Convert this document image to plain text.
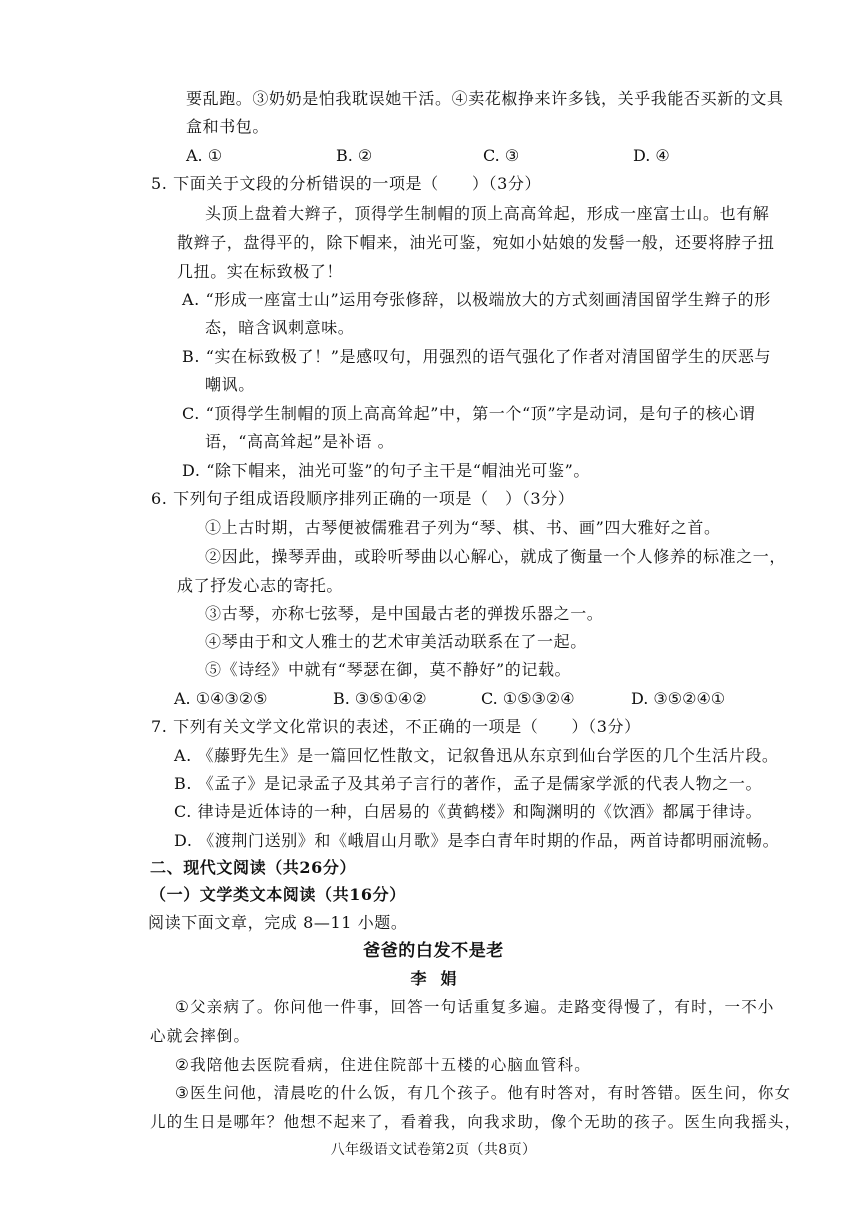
要乱跑。③奶奶是怕我耽误她干活。④卖花椒挣来许多钱，关乎我能否买新的文具
盒和书包。
A. ①	B. ②	C. ③	D. ④
5. 下面关于文段的分析错误的一项是（　　）（3分）
头顶上盘着大辫子，顶得学生制帽的顶上高高耸起，形成一座富士山。也有解
散辫子，盘得平的，除下帽来，油光可鉴，宛如小姑娘的发髻一般，还要将脖子扭
几扭。实在标致极了！
A. “形成一座富士山”运用夸张修辞，以极端放大的方式刻画清国留学生辫子的形
态，暗含讽刺意味。
B. “实在标致极了！”是感叹句，用强烈的语气强化了作者对清国留学生的厌恶与
嘲讽。
C. “顶得学生制帽的顶上高高耸起”中，第一个“顶”字是动词，是句子的核心谓
语，“高高耸起”是补语 。
D. “除下帽来，油光可鉴”的句子主干是“帽油光可鉴”。
6. 下列句子组成语段顺序排列正确的一项是（　）（3分）
①上古时期，古琴便被儒雅君子列为“琴、棋、书、画”四大雅好之首。
②因此，操琴弄曲，或聆听琴曲以心解心，就成了衡量一个人修养的标准之一，
成了抒发心志的寄托。
③古琴，亦称七弦琴，是中国最古老的弹拨乐器之一。
④琴由于和文人雅士的艺术审美活动联系在了一起。
⑤《诗经》中就有“琴瑟在御，莫不静好”的记载。
A. ①④③②⑤	B. ③⑤①④②	C. ①⑤③②④	D. ③⑤②④①
7. 下列有关文学文化常识的表述，不正确的一项是（　　）（3分）
A. 《藤野先生》是一篇回忆性散文，记叙鲁迅从东京到仙台学医的几个生活片段。
B. 《孟子》是记录孟子及其弟子言行的著作，孟子是儒家学派的代表人物之一。
C. 律诗是近体诗的一种，白居易的《黄鹤楼》和陶渊明的《饮酒》都属于律诗。
D. 《渡荆门送别》和《峨眉山月歌》是李白青年时期的作品，两首诗都明丽流畅。
二、现代文阅读（共26分）
（一）文学类文本阅读（共16分）
阅读下面文章，完成 8—11 小题。
爸爸的白发不是老
李娟
①父亲病了。你问他一件事，回答一句话重复多遍。走路变得慢了，有时，一不小
心就会摔倒。
②我陪他去医院看病，住进住院部十五楼的心脑血管科。
③医生问他，清晨吃的什么饭，有几个孩子。他有时答对，有时答错。医生问，你女
儿的生日是哪年？他想不起来了，看着我，向我求助，像个无助的孩子。医生向我摇头，
八年级语文试卷第2页（共8页）
